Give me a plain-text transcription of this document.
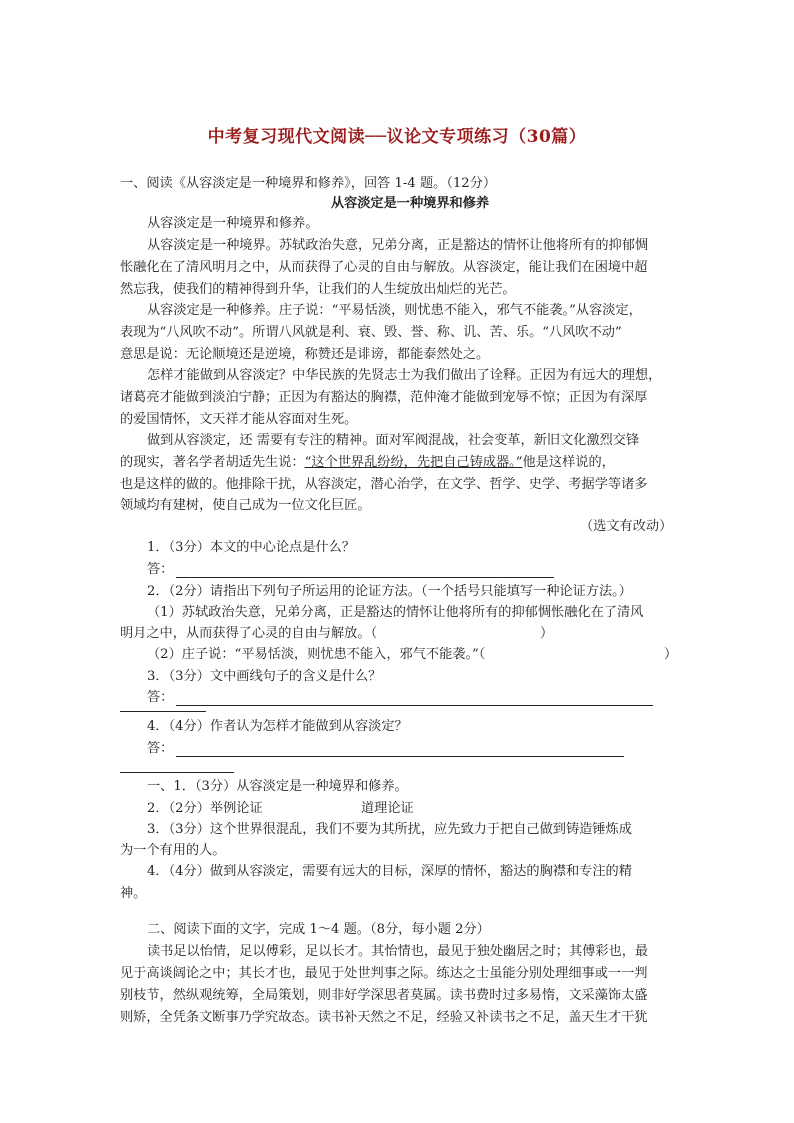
中考复习现代文阅读──议论文专项练习（30篇）
一、阅读《从容淡定是一种境界和修养》，回答 1-4 题。（12分）
从容淡定是一种境界和修养
从容淡定是一种境界和修养。
从容淡定是一种境界。苏轼政治失意，兄弟分离，正是豁达的情怀让他将所有的抑郁惆
怅融化在了清风明月之中，从而获得了心灵的自由与解放。从容淡定，能让我们在困境中超
然忘我，使我们的精神得到升华，让我们的人生绽放出灿烂的光芒。
从容淡定是一种修养。庄子说：“平易恬淡，则忧患不能入，邪气不能袭。”从容淡定，
表现为“八风吹不动”。所谓八风就是利、衰、毁、誉、称、讥、苦、乐。“八风吹不动”
意思是说：无论顺境还是逆境，称赞还是诽谤，都能泰然处之。
怎样才能做到从容淡定？中华民族的先贤志士为我们做出了诠释。正因为有远大的理想，
诸葛亮才能做到淡泊宁静；正因为有豁达的胸襟，范仲淹才能做到宠辱不惊；正因为有深厚
的爱国情怀，文天祥才能从容面对生死。
做到从容淡定，还 需要有专注的精神。面对军阀混战，社会变革，新旧文化激烈交锋
的现实，著名学者胡适先生说：“这个世界乱纷纷，先把自己铸成器。”他是这样说的，
也是这样的做的。他排除干扰，从容淡定，潜心治学，在文学、哲学、史学、考据学等诸多
领域均有建树，使自己成为一位文化巨匠。
（选文有改动）
1．（3分）本文的中心论点是什么？
答：
2．（2分）请指出下列句子所运用的论证方法。（一个括号只能填写一种论证方法。）
（1）苏轼政治失意，兄弟分离，正是豁达的情怀让他将所有的抑郁惆怅融化在了清风
明月之中，从而获得了心灵的自由与解放。（	）
（2）庄子说：“平易恬淡，则忧患不能入，邪气不能袭。”（	）
3．（3分）文中画线句子的含义是什么？
答：
4．（4分）作者认为怎样才能做到从容淡定？
答：
一、1．（3分）从容淡定是一种境界和修养。
2．（2分）举例论证	道理论证
3．（3分）这个世界很混乱，我们不要为其所扰，应先致力于把自己做到铸造锤炼成
为一个有用的人。
4．（4分）做到从容淡定，需要有远大的目标，深厚的情怀，豁达的胸襟和专注的精
神。
二、阅读下面的文字，完成 1～4 题。（8分，每小题 2分）
读书足以怡情，足以傅彩，足以长才。其怡情也，最见于独处幽居之时；其傅彩也，最
见于高谈阔论之中；其长才也，最见于处世判事之际。练达之士虽能分别处理细事或一一判
别枝节，然纵观统筹，全局策划，则非好学深思者莫属。读书费时过多易惰，文采藻饰太盛
则矫，全凭条文断事乃学究故态。读书补天然之不足，经验又补读书之不足，盖天生才干犹
